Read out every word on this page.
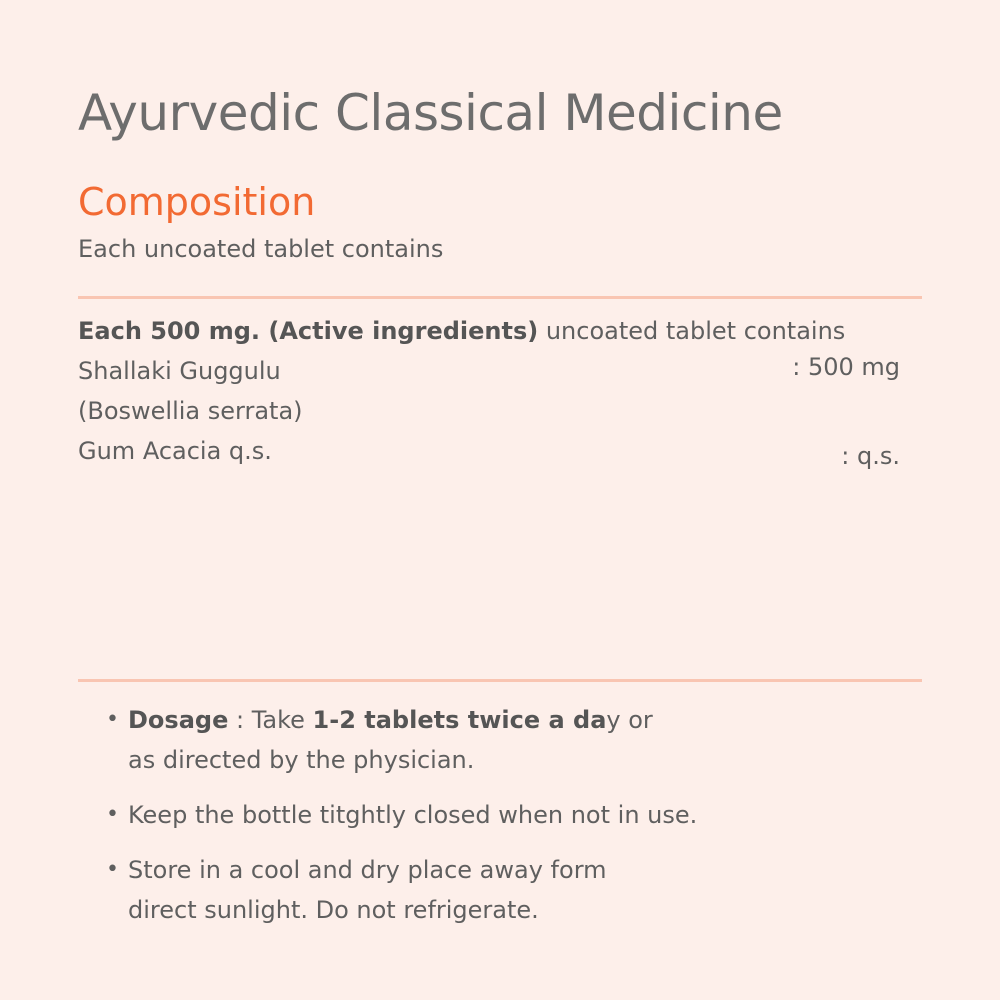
Ayurvedic Classical Medicine
Composition
Each uncoated tablet contains
Each 500 mg. (Active ingredients) uncoated tablet contains
Shallaki Guggulu	: 500 mg
(Boswellia serrata)
Gum Acacia q.s.	: q.s.
• Dosage : Take 1-2 tablets twice a day or
as directed by the physician.
• Keep the bottle titghtly closed when not in use.
• Store in a cool and dry place away form
direct sunlight. Do not refrigerate.
